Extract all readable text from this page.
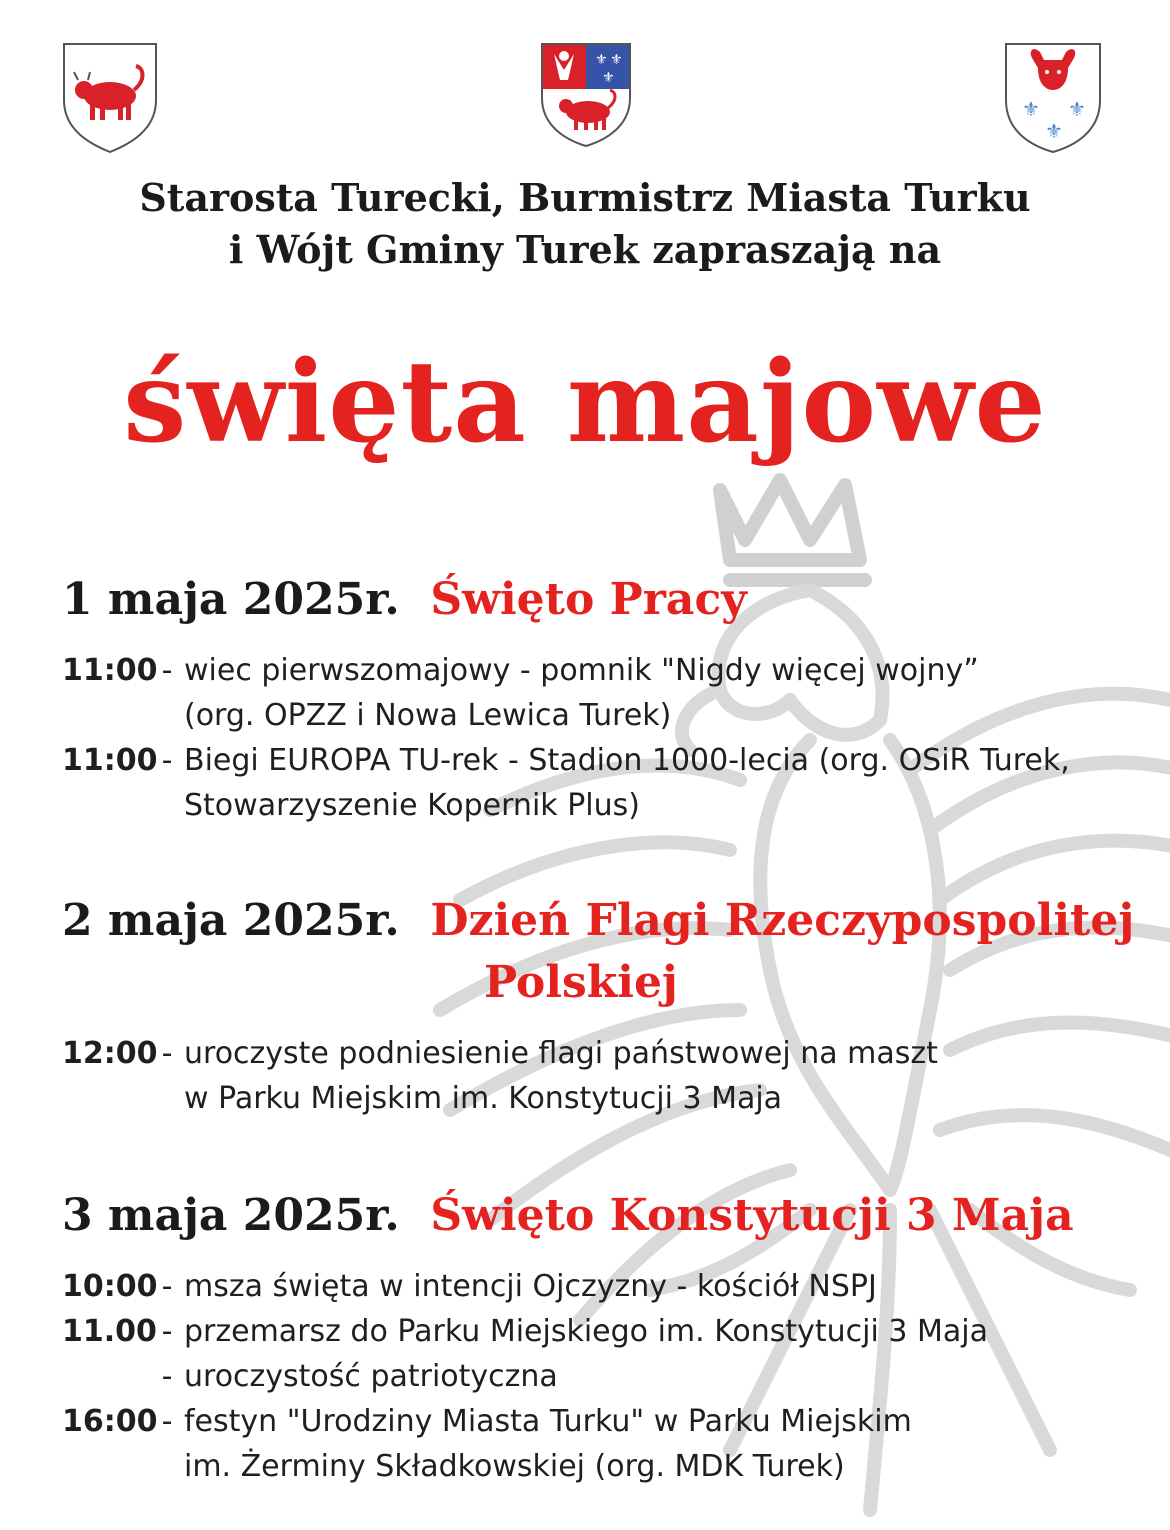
⚜ ⚜
⚜
⚜ ⚜
⚜
Starosta Turecki, Burmistrz Miasta Turku
i Wójt Gminy Turek zapraszają na
święta majowe
1 maja 2025r. Święto Pracy
11:00 - wiec pierwszomajowy - pomnik "Nigdy więcej wojny”
(org. OPZZ i Nowa Lewica Turek)
11:00 - Biegi EUROPA TU-rek - Stadion 1000-lecia (org. OSiR Turek,
Stowarzyszenie Kopernik Plus)
2 maja 2025r. Dzień Flagi Rzeczypospolitej
Polskiej
12:00 - uroczyste podniesienie flagi państwowej na maszt
w Parku Miejskim im. Konstytucji 3 Maja
3 maja 2025r. Święto Konstytucji 3 Maja
10:00 - msza święta w intencji Ojczyzny - kościół NSPJ
11.00 - przemarsz do Parku Miejskiego im. Konstytucji 3 Maja
- uroczystość patriotyczna
16:00 - festyn "Urodziny Miasta Turku" w Parku Miejskim
im. Żerminy Składkowskiej (org. MDK Turek)
